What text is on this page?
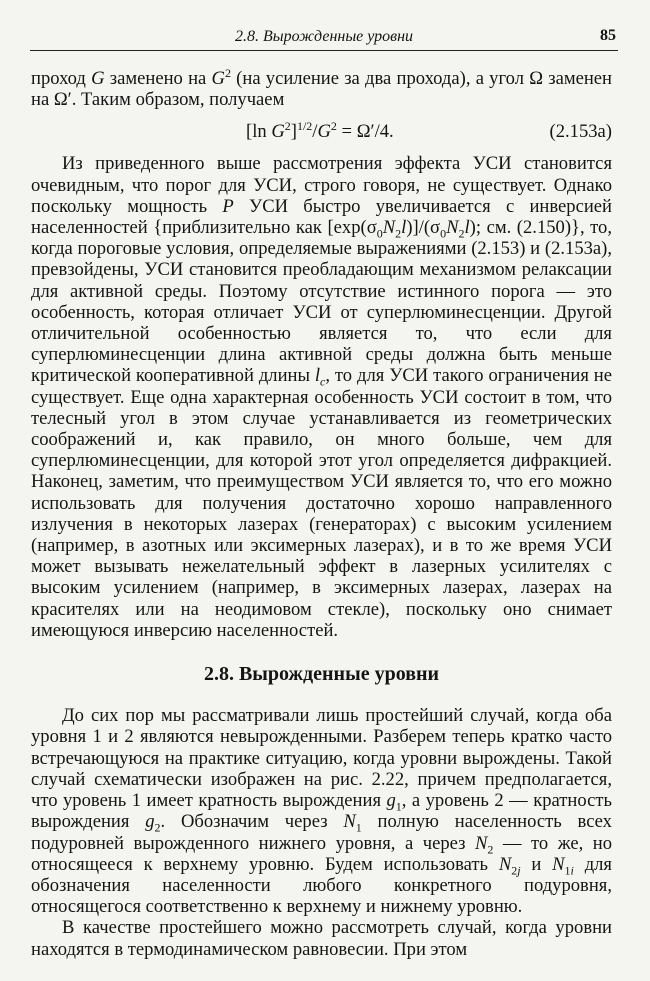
2.8. Вырожденные уровни	85

проход G заменено на $G^2$ (на усиление за два прохода), а угол Ω заменен на Ω′. Таким образом, получаем

[ln $G^2]^{1/2}/G^2 = \Omega'/4$.	(2.153a)

Из приведенного выше рассмотрения эффекта УСИ становится очевидным, что порог для УСИ, строго говоря, не существует. Однако поскольку мощность P УСИ быстро увеличивается с инверсией населенностей {приблизительно как $[\exp(\sigma_0N_2l)]/(\sigma_0N_2l)$; см. (2.150)}, то, когда пороговые условия, определяемые выражениями (2.153) и (2.153a), превзойдены, УСИ становится преобладающим механизмом релаксации для активной среды. Поэтому отсутствие истинного порога — это особенность, которая отличает УСИ от суперлюминесценции. Другой отличительной особенностью является то, что если для суперлюминесценции длина активной среды должна быть меньше критической кооперативной длины $l_c$, то для УСИ такого ограничения не существует. Еще одна характерная особенность УСИ состоит в том, что телесный угол в этом случае устанавливается из геометрических соображений и, как правило, он много больше, чем для суперлюминесценции, для которой этот угол определяется дифракцией. Наконец, заметим, что преимуществом УСИ является то, что его можно использовать для получения достаточно хорошо направленного излучения в некоторых лазерах (генераторах) с высоким усилением (например, в азотных или эксимерных лазерах), и в то же время УСИ может вызывать нежелательный эффект в лазерных усилителях с высоким усилением (например, в эксимерных лазерах, лазерах на красителях или на неодимовом стекле), поскольку оно снимает имеющуюся инверсию населенностей.

2.8. Вырожденные уровни

До сих пор мы рассматривали лишь простейший случай, когда оба уровня 1 и 2 являются невырожденными. Разберем теперь кратко часто встречающуюся на практике ситуацию, когда уровни вырождены. Такой случай схематически изображен на рис. 2.22, причем предполагается, что уровень 1 имеет кратность вырождения $g_1$, а уровень 2 — кратность вырождения $g_2$. Обозначим через $N_1$ полную населенность всех подуровней вырожденного нижнего уровня, а через $N_2$ — то же, но относящееся к верхнему уровню. Будем использовать $N_{2j}$ и $N_{1i}$ для обозначения населенности любого конкретного подуровня, относящегося соответственно к верхнему и нижнему уровню.

В качестве простейшего можно рассмотреть случай, когда уровни находятся в термодинамическом равновесии. При этом
